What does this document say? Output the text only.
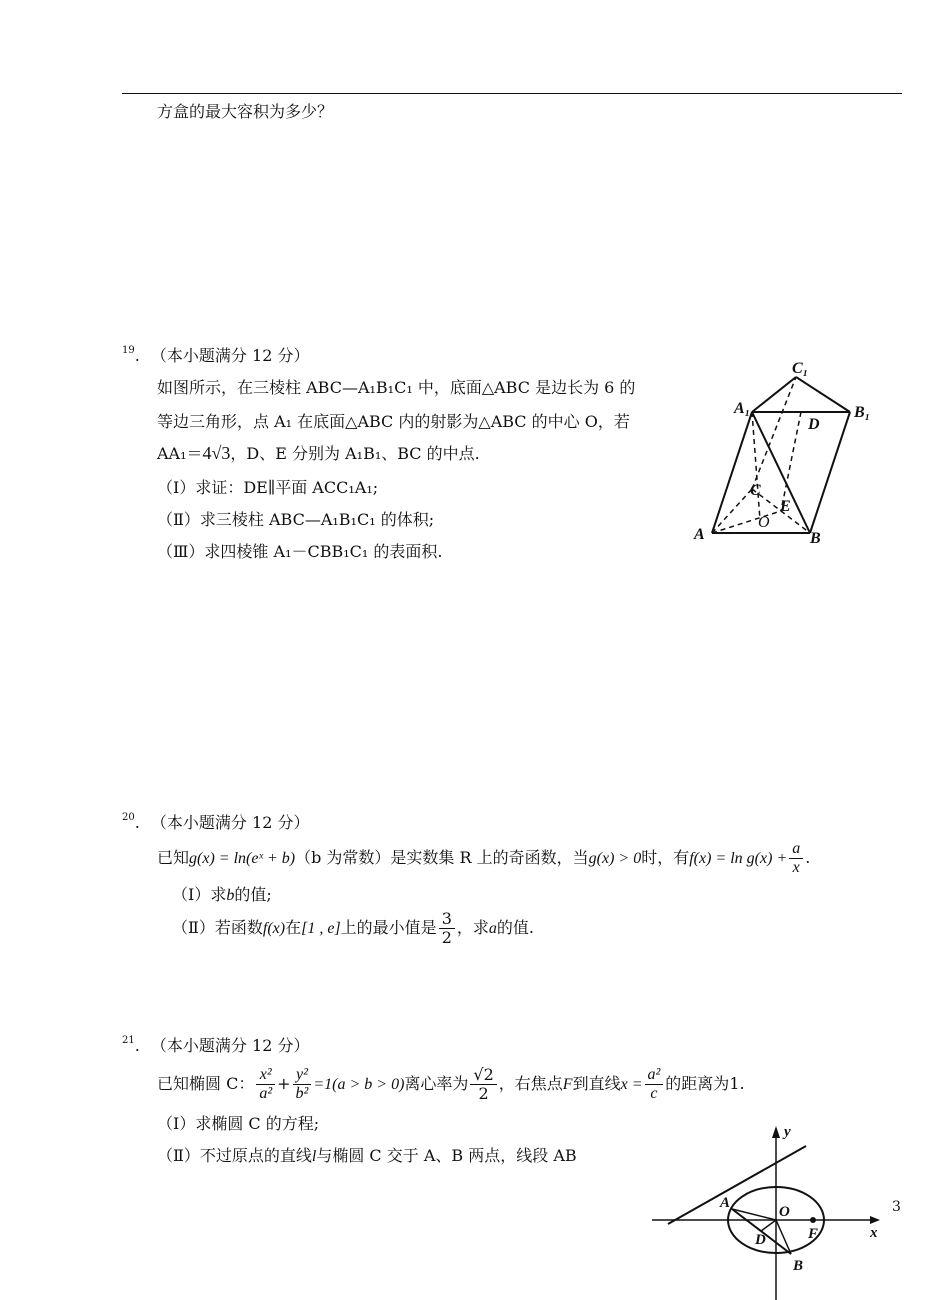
方盒的最大容积为多少？
$^{19}$. （本小题满分 12 分）
如图所示，在三棱柱 ABC—A₁B₁C₁ 中，底面△ABC 是边长为 6 的
等边三角形，点 A₁ 在底面△ABC 内的射影为△ABC 的中心 O，若
AA₁＝4√3，D、E 分别为 A₁B₁、BC 的中点.
（Ⅰ）求证：DE∥平面 ACC₁A₁;
（Ⅱ）求三棱柱 ABC—A₁B₁C₁ 的体积;
（Ⅲ）求四棱锥 A₁－CBB₁C₁ 的表面积.
C₁
A₁	B₁
D
C
E
O
A	B
$^{20}$. （本小题满分 12 分）
已知g(x) = ln(eˣ + b)（b 为常数）是实数集 R 上的奇函数，当g(x) > 0时，有$f(x) = \ln g(x) + \frac{a}{x}$ .
（Ⅰ）求b的值;
（Ⅱ）若函数f(x)在[1 , e]上的最小值是 $\frac{3}{2}$ ，求a的值.
$^{21}$. （本小题满分 12 分）
已知椭圆 C： $\frac{\text{x²}}{\text{a²}} + \frac{\text{y²}}{\text{b²}} =1(a > b > 0)$离心率为 $\frac{√2}{2}$ ，右焦点F到直线$x = \frac{\text{a²}}{c}$ 的距离为1.
（Ⅰ）求椭圆 C 的方程;
（Ⅱ）不过原点的直线l与椭圆 C 交于 A、B 两点，线段 AB
3
y
x
A
O
F
D
B
